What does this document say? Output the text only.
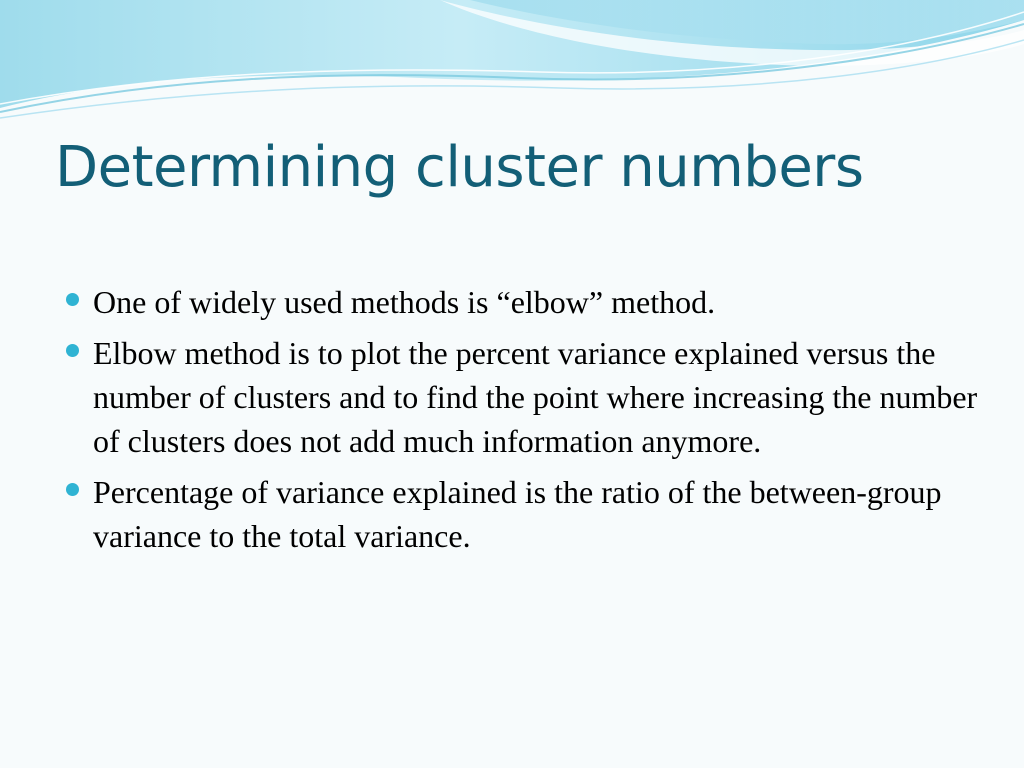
Determining cluster numbers
One of widely used methods is “elbow” method.
Elbow method is to plot the percent variance explained versus the number of clusters and to find the point where increasing the number of clusters does not add much information anymore.
Percentage of variance explained is the ratio of the between-group variance to the total variance.
